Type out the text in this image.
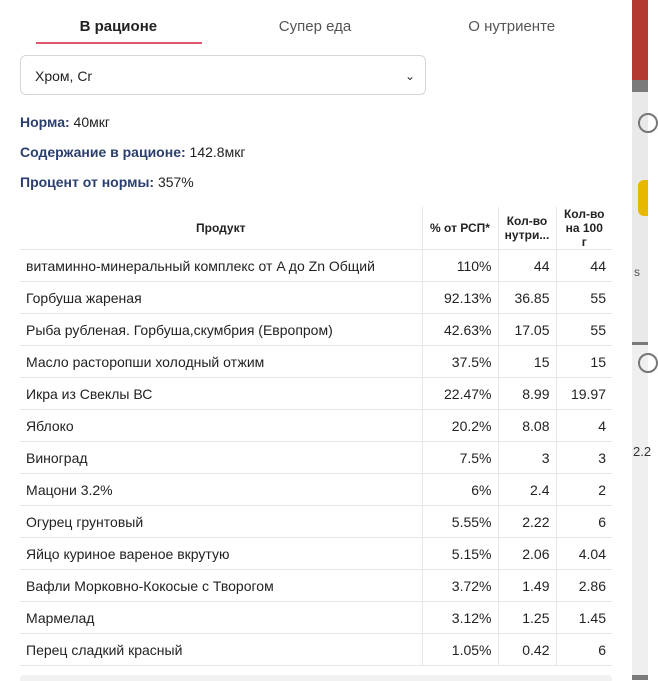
s
2.2
В рационе	Супер еда	О нутриенте
Хром, Cr	⌄
Норма: 40мкг
Содержание в рационе: 142.8мкг
Процент от нормы: 357%
Продукт	% от РСП*	Кол-во нутри...	Кол-во на 100 г
витаминно-минеральный комплекс от A до Zn Общий	110%	44	44
Горбуша жареная	92.13%	36.85	55
Рыба рубленая. Горбуша,скумбрия (Европром)	42.63%	17.05	55
Масло расторопши холодный отжим	37.5%	15	15
Икра из Свеклы ВС	22.47%	8.99	19.97
Яблоко	20.2%	8.08	4
Виноград	7.5%	3	3
Мацони 3.2%	6%	2.4	2
Огурец грунтовый	5.55%	2.22	6
Яйцо куриное вареное вкрутую	5.15%	2.06	4.04
Вафли Морковно-Кокосые с Творогом	3.72%	1.49	2.86
Мармелад	3.12%	1.25	1.45
Перец сладкий красный	1.05%	0.42	6
